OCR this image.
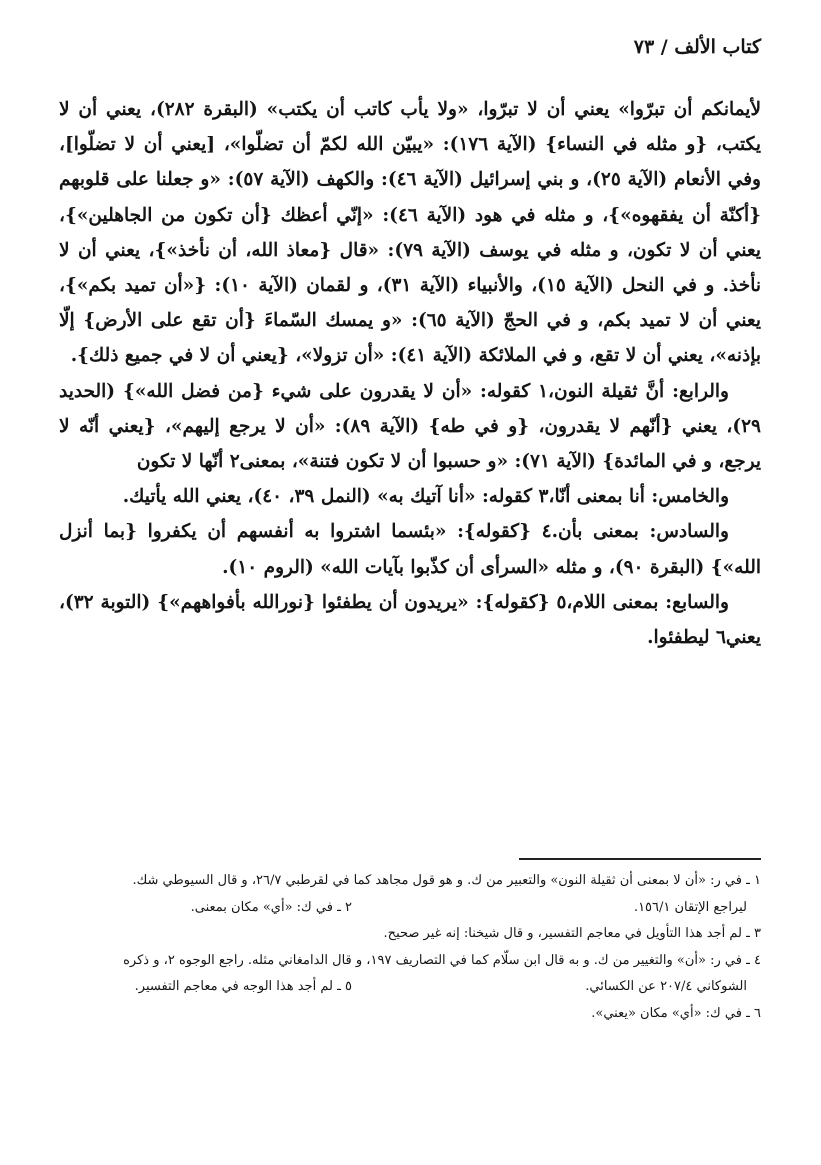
كتاب الألف / ٧٣

لأيمانكم أن تبرّوا» يعني أن لا تبرّوا، «ولا يأب كاتب أن يكتب» (البقرة ٢٨٢)، يعني أن لا يكتب، {و مثله في النساء} (الآية ١٧٦): «يبيّن الله لكمّ أن تضلّوا»، [يعني أن لا تضلّوا]، وفي الأنعام (الآية ٢٥)، و بني إسرائيل (الآية ٤٦): والكهف (الآية ٥٧): «و جعلنا على قلوبهم {أكنّة أن يفقهوه»}، و مثله في هود (الآية ٤٦): «إنّي أعظك {أن تكون من الجاهلين»}، يعني أن لا تكون، و مثله في يوسف (الآية ٧٩): «قال {معاذ الله، أن نأخذ»}، يعني أن لا نأخذ. و في النحل (الآية ١٥)، والأنبياء (الآية ٣١)، و لقمان (الآية ١٠): {«أن تميد بكم»}، يعني أن لا تميد بكم، و في الحجّ (الآية ٦٥): «و يمسك السّماءَ {أن تقع على الأرض} إلّا بإذنه»، يعني أن لا تقع، و في الملائكة (الآية ٤١): «أن تزولا»، {يعني أن لا في جميع ذلك}.

والرابع: أنَّ ثقيلة النون،١ كقوله: «أن لا يقدرون على شيء {من فضل الله»} (الحديد ٢٩)، يعني {أنّهم لا يقدرون، {و في طه} (الآية ٨٩): «أن لا يرجع إليهم»، {يعني أنّه لا يرجع، و في المائدة} (الآية ٧١): «و حسبوا أن لا تكون فتنة»، بمعنى٢ أنّها لا تكون

والخامس: أنا بمعنى أنّا،٣ كقوله: «أنا آتيك به» (النمل ٣٩، ٤٠)، يعني الله يأتيك.

والسادس: بمعنى بأن.٤ {كقوله}: «بئسما اشتروا به أنفسهم أن يكفروا {بما أنزل الله»} (البقرة ٩٠)، و مثله «السرأى أن كذّبوا بآيات الله» (الروم ١٠).

والسابع: بمعنى اللام،٥ {كقوله}: «يريدون أن يطفئوا {نورالله بأفواههم»} (التوبة ٣٢)، يعني٦ ليطفئوا.

١ ـ في ر: «أن لا بمعنى أن ثقيلة النون» والتعبير من ك. و هو قول مجاهد كما في لقرطبي ٢٦/٧، و قال السيوطي شك.

لیراجع الإتقان ١٥٦/١.
٢ ـ في ك: «أي» مكان بمعنى.

٣ ـ لم أجد هذا التأويل في معاجم التفسير، و قال شيخنا: إنه غير صحيح.

٤ ـ في ر: «أن» والتغيير من ك. و به قال ابن سلّام كما في التصاريف ١٩٧، و قال الدامغاني مثله. راجع الوجوه ٢، و ذكره

الشوكاني ٢٠٧/٤ عن الكسائي.
٥ ـ لم أجد هذا الوجه في معاجم التفسير.

٦ ـ في ك: «أي» مكان «يعني».
